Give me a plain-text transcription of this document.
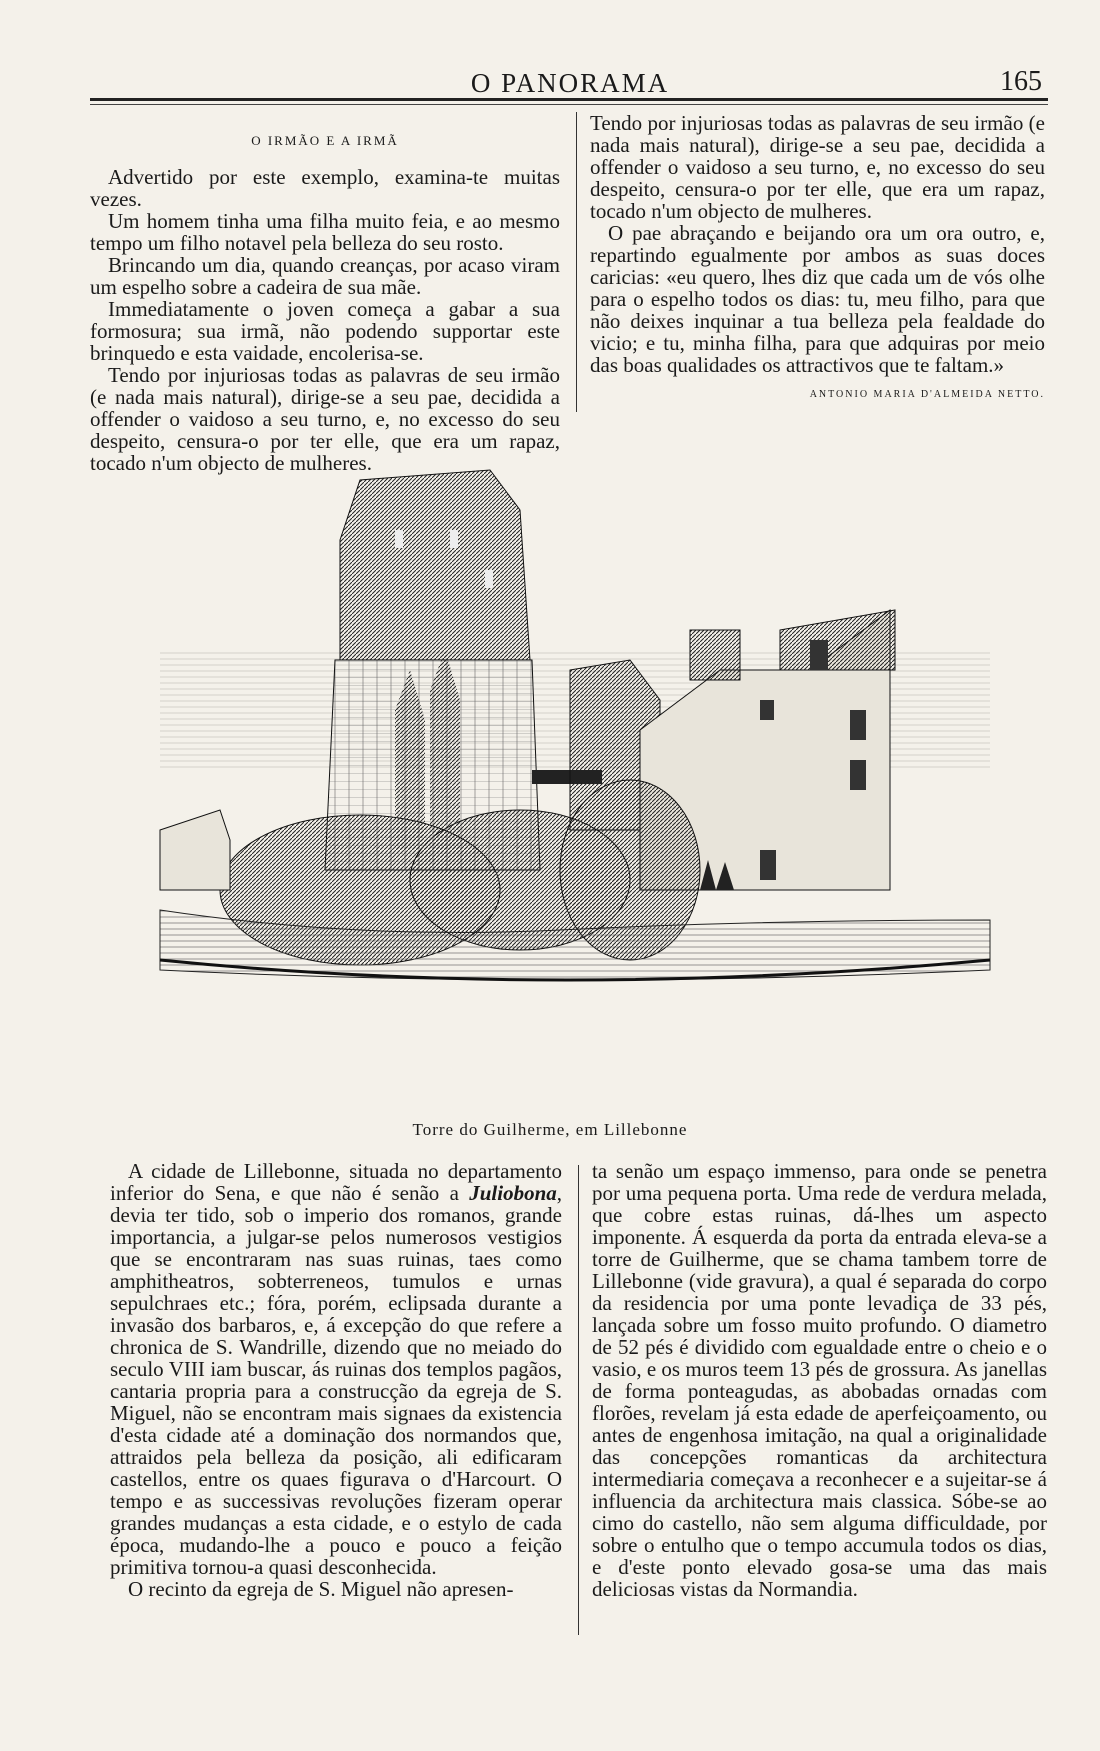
O PANORAMA	165
O IRMÃO E A IRMÃ

Advertido por este exemplo, examina-te muitas vezes.

Um homem tinha uma filha muito feia, e ao mesmo tempo um filho notavel pela belleza do seu rosto.

Brincando um dia, quando creanças, por acaso viram um espelho sobre a cadeira de sua mãe.

Immediatamente o joven começa a gabar a sua formosura; sua irmã, não podendo supportar este brinquedo e esta vaidade, encolerisa-se.

Tendo por injuriosas todas as palavras de seu irmão (e nada mais natural), dirige-se a seu pae, decidida a offender o vaidoso a seu turno, e, no excesso do seu despeito, censura-o por ter elle, que era um rapaz, tocado n'um objecto de mulheres.

Tendo por injuriosas todas as palavras de seu irmão (e nada mais natural), dirige-se a seu pae, decidida a offender o vaidoso a seu turno, e, no excesso do seu despeito, censura-o por ter elle, que era um rapaz, tocado n'um objecto de mulheres.

O pae abraçando e beijando ora um ora outro, e, repartindo egualmente por ambos as suas doces caricias: «eu quero, lhes diz que cada um de vós olhe para o espelho todos os dias: tu, meu filho, para que não deixes inquinar a tua belleza pela fealdade do vicio; e tu, minha filha, para que adquiras por meio das boas qualidades os attractivos que te faltam.»

ANTONIO MARIA D'ALMEIDA NETTO.
Torre do Guilherme, em Lillebonne

A cidade de Lillebonne, situada no departamento inferior do Sena, e que não é senão a Juliobona, devia ter tido, sob o imperio dos romanos, grande importancia, a julgar-se pelos numerosos vestigios que se encontraram nas suas ruinas, taes como amphitheatros, sobterreneos, tumulos e urnas sepulchraes etc.; fóra, porém, eclipsada durante a invasão dos barbaros, e, á excepção do que refere a chronica de S. Wandrille, dizendo que no meiado do seculo VIII iam buscar, ás ruinas dos templos pagãos, cantaria propria para a construcção da egreja de S. Miguel, não se encontram mais signaes da existencia d'esta cidade até a dominação dos normandos que, attraidos pela belleza da posição, ali edificaram castellos, entre os quaes figurava o d'Harcourt. O tempo e as successivas revoluções fizeram operar grandes mudanças a esta cidade, e o estylo de cada época, mudando-lhe a pouco e pouco a feição primitiva tornou-a quasi desconhecida.

O recinto da egreja de S. Miguel não apresen-

ta senão um espaço immenso, para onde se penetra por uma pequena porta. Uma rede de verdura melada, que cobre estas ruinas, dá-lhes um aspecto imponente. Á esquerda da porta da entrada eleva-se a torre de Guilherme, que se chama tambem torre de Lillebonne (vide gravura), a qual é separada do corpo da residencia por uma ponte levadiça de 33 pés, lançada sobre um fosso muito profundo. O diametro de 52 pés é dividido com egualdade entre o cheio e o vasio, e os muros teem 13 pés de grossura. As janellas de forma ponteagudas, as abobadas ornadas com florões, revelam já esta edade de aperfeiçoamento, ou antes de engenhosa imitação, na qual a originalidade das concepções romanticas da architectura intermediaria começava a reconhecer e a sujeitar-se á influencia da architectura mais classica. Sóbe-se ao cimo do castello, não sem alguma difficuldade, por sobre o entulho que o tempo accumula todos os dias, e d'este ponto elevado gosa-se uma das mais deliciosas vistas da Normandia.
